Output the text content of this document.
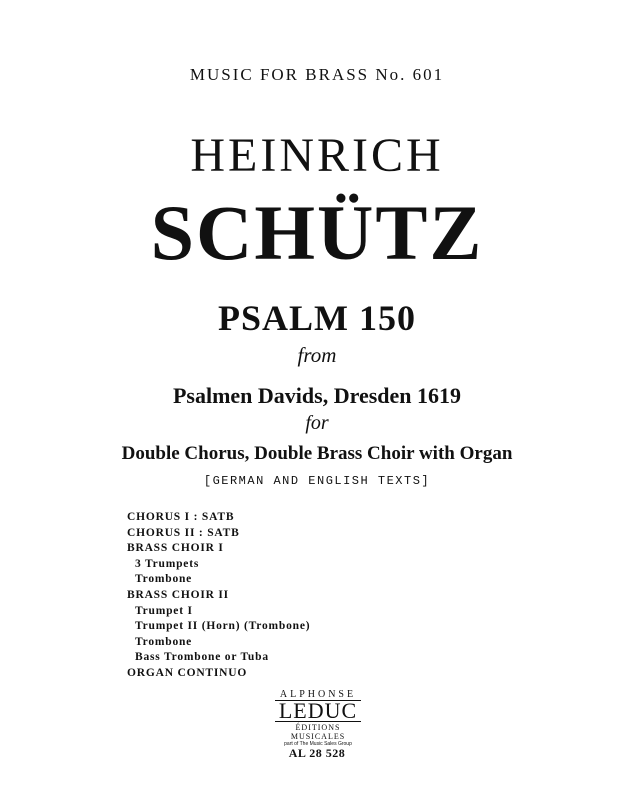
MUSIC FOR BRASS No. 601
HEINRICH
SCHÜTZ
PSALM 150
from
Psalmen Davids, Dresden 1619
for
Double Chorus, Double Brass Choir with Organ
[GERMAN AND ENGLISH TEXTS]
CHORUS I : SATB
CHORUS II : SATB
BRASS CHOIR I
3 Trumpets
Trombone
BRASS CHOIR II
Trumpet I
Trumpet II (Horn) (Trombone)
Trombone
Bass Trombone or Tuba
ORGAN CONTINUO
ALPHONSE
LEDUC
ÉDITIONS MUSICALES
part of The Music Sales Group
AL 28 528
